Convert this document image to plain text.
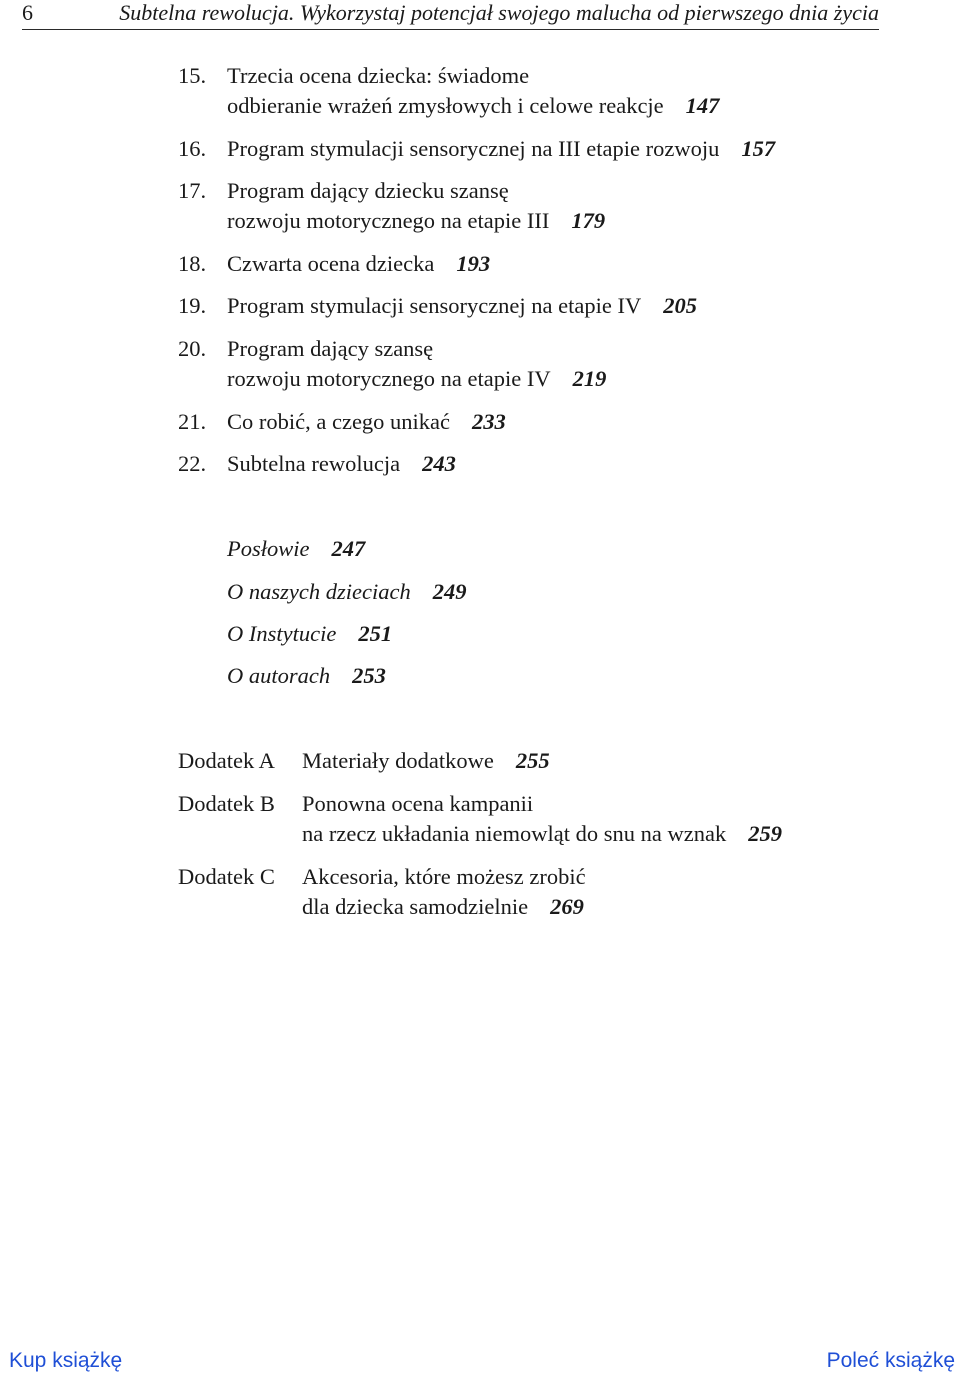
6	Subtelna rewolucja. Wykorzystaj potencjał swojego malucha od pierwszego dnia życia
15. Trzecia ocena dziecka: świadome
odbieranie wrażeń zmysłowych i celowe reakcje 147
16. Program stymulacji sensorycznej na III etapie rozwoju 157
17. Program dający dziecku szansę
rozwoju motorycznego na etapie III 179
18. Czwarta ocena dziecka 193
19. Program stymulacji sensorycznej na etapie IV 205
20. Program dający szansę
rozwoju motorycznego na etapie IV 219
21. Co robić, a czego unikać 233
22. Subtelna rewolucja 243
Posłowie 247
O naszych dzieciach 249
O Instytucie 251
O autorach 253
Dodatek A Materiały dodatkowe 255
Dodatek B Ponowna ocena kampanii
na rzecz układania niemowląt do snu na wznak 259
Dodatek C Akcesoria, które możesz zrobić
dla dziecka samodzielnie 269
Kup książkę	Poleć książkę
